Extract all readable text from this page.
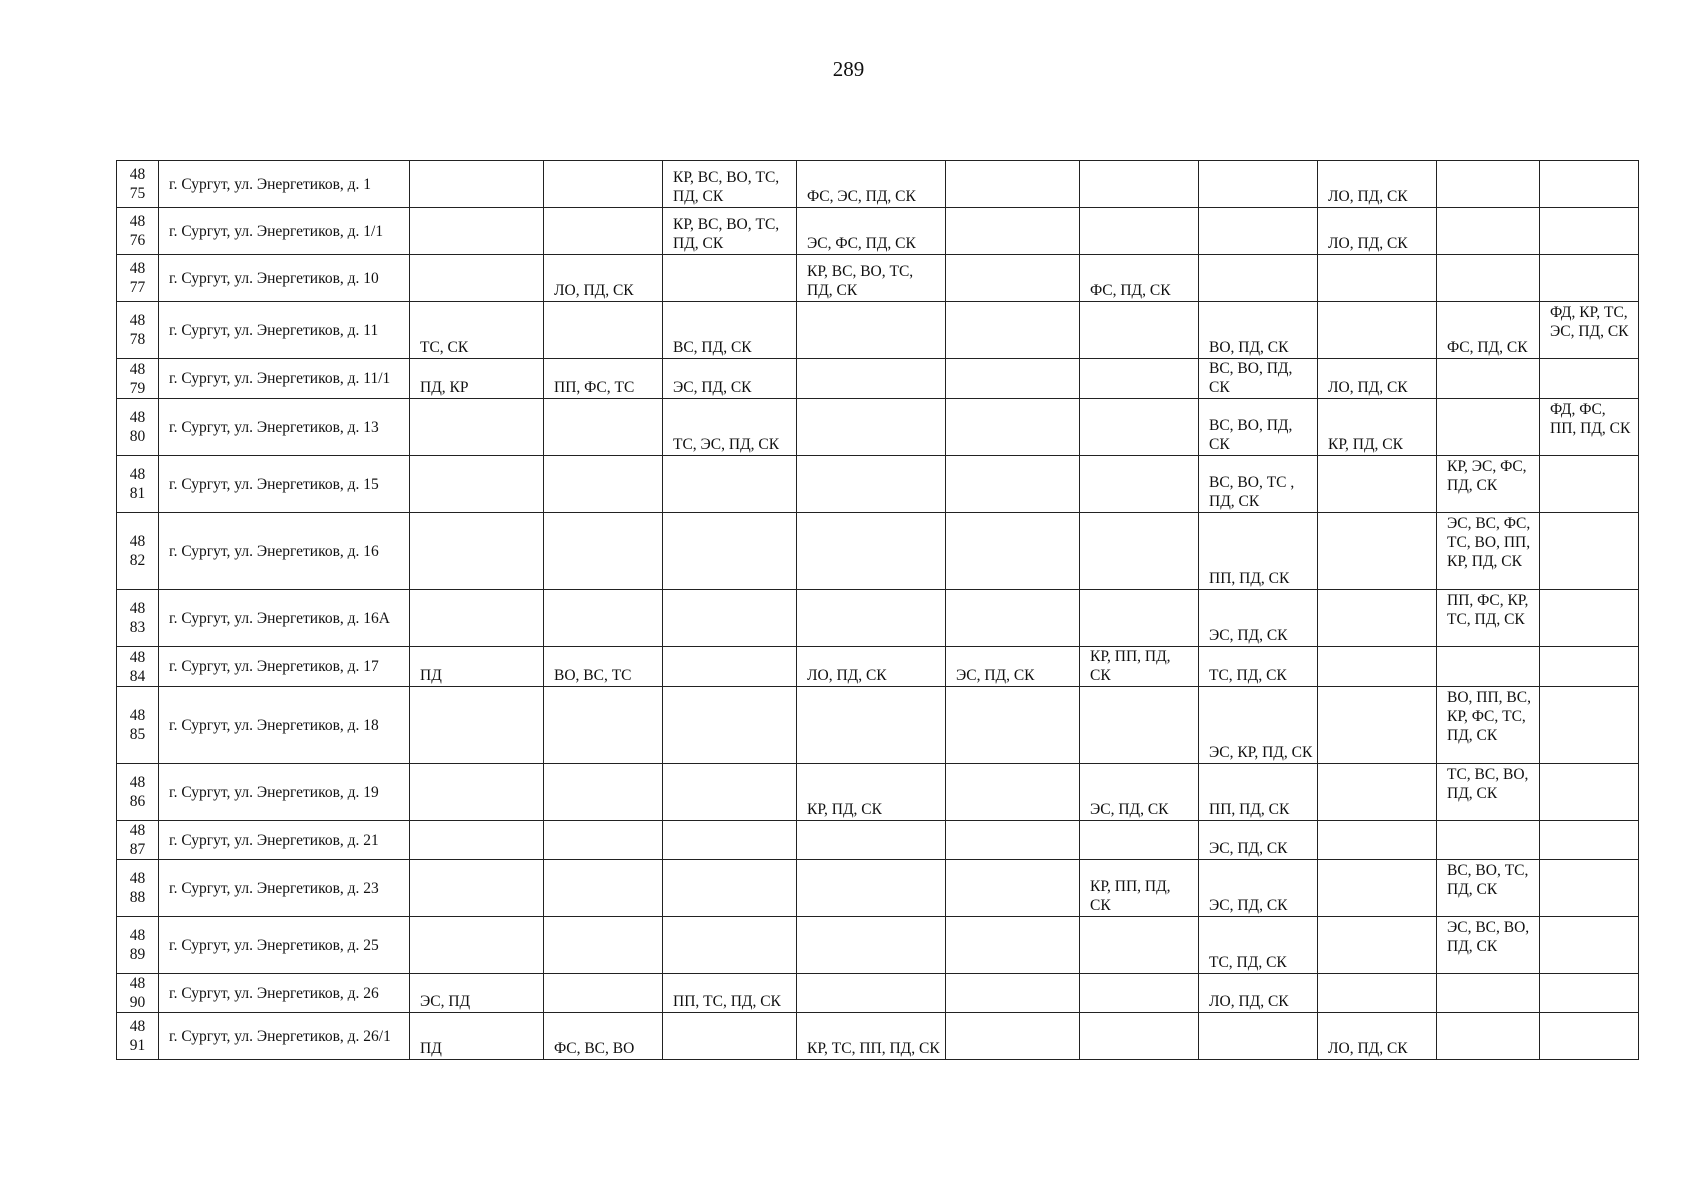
289
48
75	г. Сургут, ул. Энергетиков, д. 1			КР, ВС, ВО, ТС, ПД, СК	ФС, ЭС, ПД, СК				ЛО, ПД, СК		

48
76	г. Сургут, ул. Энергетиков, д. 1/1			КР, ВС, ВО, ТС, ПД, СК	ЭС, ФС, ПД, СК				ЛО, ПД, СК		

48
77	г. Сургут, ул. Энергетиков, д. 10		ЛО, ПД, СК		КР, ВС, ВО, ТС, ПД, СК		ФС, ПД, СК				

48
78	г. Сургут, ул. Энергетиков, д. 11	ТС, СК		ВС, ПД, СК				ВО, ПД, СК		ФС, ПД, СК	ФД, КР, ТС, ЭС, ПД, СК

48
79	г. Сургут, ул. Энергетиков, д. 11/1	ПД, КР	ПП, ФС, ТС	ЭС, ПД, СК				ВС, ВО, ПД, СК	ЛО, ПД, СК		

48
80	г. Сургут, ул. Энергетиков, д. 13			ТС, ЭС, ПД, СК				ВС, ВО, ПД, СК	КР, ПД, СК		ФД, ФС, ПП, ПД, СК

48
81	г. Сургут, ул. Энергетиков, д. 15							ВС, ВО, ТС , ПД, СК		КР, ЭС, ФС, ПД, СК	

48
82	г. Сургут, ул. Энергетиков, д. 16							ПП, ПД, СК		ЭС, ВС, ФС, ТС, ВО, ПП, КР, ПД, СК	

48
83	г. Сургут, ул. Энергетиков, д. 16А							ЭС, ПД, СК		ПП, ФС, КР, ТС, ПД, СК	

48
84	г. Сургут, ул. Энергетиков, д. 17	ПД	ВО, ВС, ТС		ЛО, ПД, СК	ЭС, ПД, СК	КР, ПП, ПД, СК	ТС, ПД, СК			

48
85	г. Сургут, ул. Энергетиков, д. 18							ЭС, КР, ПД, СК		ВО, ПП, ВС, КР, ФС, ТС, ПД, СК	

48
86	г. Сургут, ул. Энергетиков, д. 19				КР, ПД, СК		ЭС, ПД, СК	ПП, ПД, СК		ТС, ВС, ВО, ПД, СК	

48
87	г. Сургут, ул. Энергетиков, д. 21							ЭС, ПД, СК			

48
88	г. Сургут, ул. Энергетиков, д. 23						КР, ПП, ПД, СК	ЭС, ПД, СК		ВС, ВО, ТС, ПД, СК	

48
89	г. Сургут, ул. Энергетиков, д. 25							ТС, ПД, СК		ЭС, ВС, ВО, ПД, СК	

48
90	г. Сургут, ул. Энергетиков, д. 26	ЭС, ПД		ПП, ТС, ПД, СК				ЛО, ПД, СК			

48
91	г. Сургут, ул. Энергетиков, д. 26/1	ПД	ФС, ВС, ВО		КР, ТС, ПП, ПД, СК				ЛО, ПД, СК		
